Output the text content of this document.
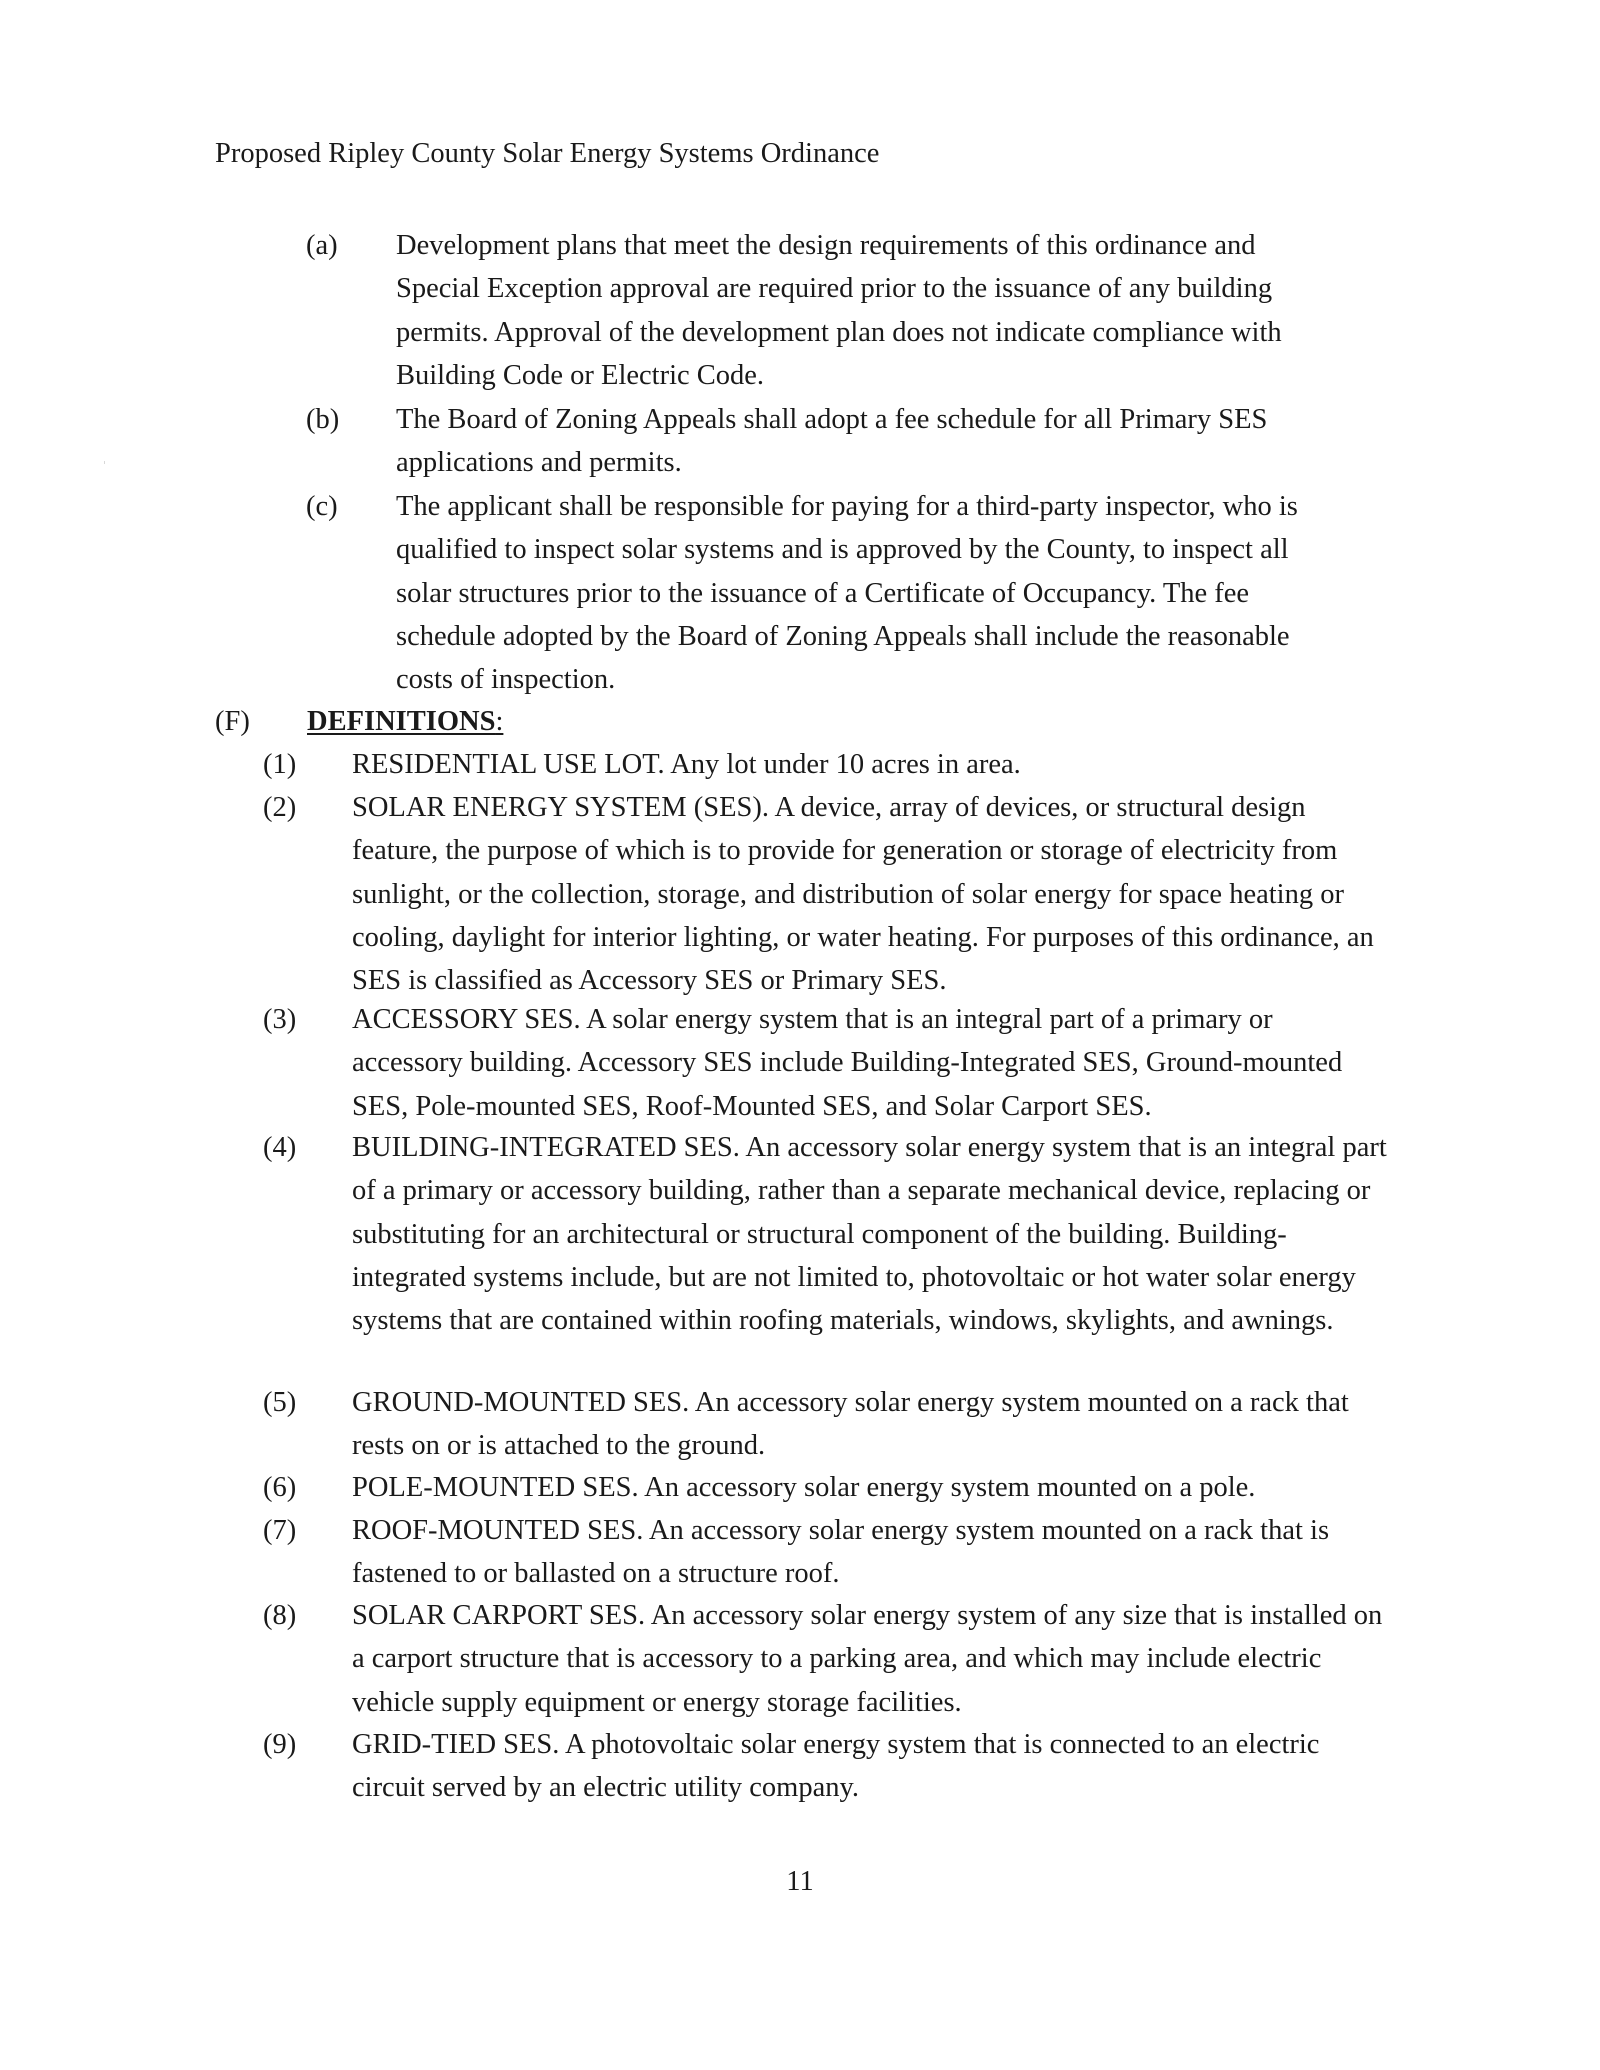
Proposed Ripley County Solar Energy Systems Ordinance
(a) Development plans that meet the design requirements of this ordinance and Special Exception approval are required prior to the issuance of any building permits. Approval of the development plan does not indicate compliance with Building Code or Electric Code.
(b) The Board of Zoning Appeals shall adopt a fee schedule for all Primary SES applications and permits.
(c) The applicant shall be responsible for paying for a third-party inspector, who is qualified to inspect solar systems and is approved by the County, to inspect all solar structures prior to the issuance of a Certificate of Occupancy. The fee schedule adopted by the Board of Zoning Appeals shall include the reasonable costs of inspection.
(F) DEFINITIONS:
(1) RESIDENTIAL USE LOT. Any lot under 10 acres in area.
(2) SOLAR ENERGY SYSTEM (SES). A device, array of devices, or structural design feature, the purpose of which is to provide for generation or storage of electricity from sunlight, or the collection, storage, and distribution of solar energy for space heating or cooling, daylight for interior lighting, or water heating. For purposes of this ordinance, an SES is classified as Accessory SES or Primary SES.
(3) ACCESSORY SES. A solar energy system that is an integral part of a primary or accessory building. Accessory SES include Building-Integrated SES, Ground-mounted SES, Pole-mounted SES, Roof-Mounted SES, and Solar Carport SES.
(4) BUILDING-INTEGRATED SES. An accessory solar energy system that is an integral part of a primary or accessory building, rather than a separate mechanical device, replacing or substituting for an architectural or structural component of the building. Building- integrated systems include, but are not limited to, photovoltaic or hot water solar energy systems that are contained within roofing materials, windows, skylights, and awnings.
(5) GROUND-MOUNTED SES. An accessory solar energy system mounted on a rack that rests on or is attached to the ground.
(6) POLE-MOUNTED SES. An accessory solar energy system mounted on a pole.
(7) ROOF-MOUNTED SES. An accessory solar energy system mounted on a rack that is fastened to or ballasted on a structure roof.
(8) SOLAR CARPORT SES. An accessory solar energy system of any size that is installed on a carport structure that is accessory to a parking area, and which may include electric vehicle supply equipment or energy storage facilities.
(9) GRID-TIED SES. A photovoltaic solar energy system that is connected to an electric circuit served by an electric utility company.
11
